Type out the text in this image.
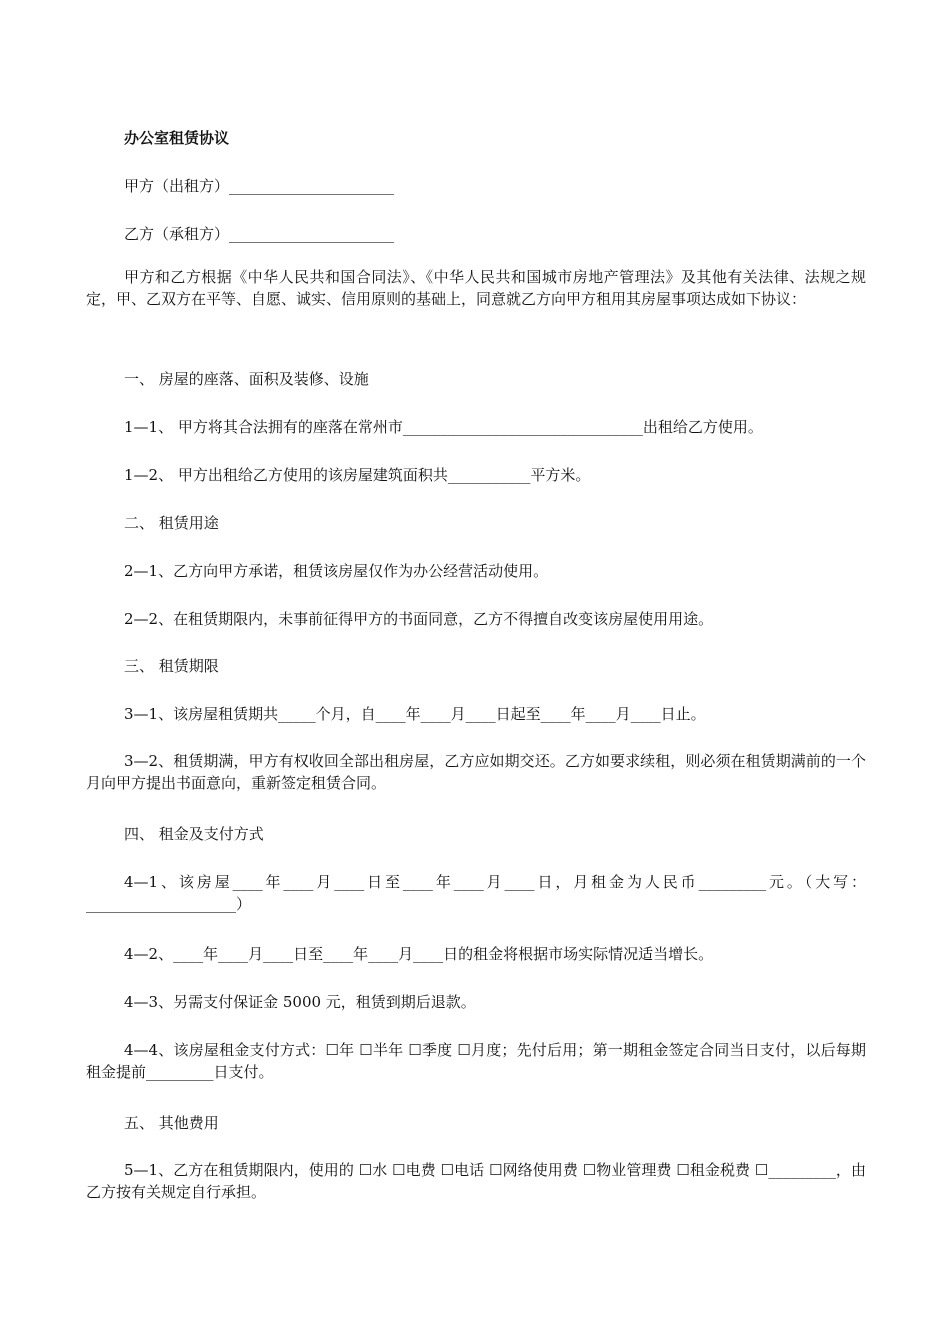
办公室租赁协议
甲方（出租方）______________________
乙方（承租方）______________________
甲方和乙方根据《中华人民共和国合同法》、《中华人民共和国城市房地产管理法》及其他有关法律、法规之规定，甲、乙双方在平等、自愿、诚实、信用原则的基础上，同意就乙方向甲方租用其房屋事项达成如下协议：
一、 房屋的座落、面积及装修、设施
1—1、 甲方将其合法拥有的座落在常州市________________________________出租给乙方使用。
1—2、 甲方出租给乙方使用的该房屋建筑面积共___________平方米。
二、 租赁用途
2—1、乙方向甲方承诺，租赁该房屋仅作为办公经营活动使用。
2—2、在租赁期限内，未事前征得甲方的书面同意，乙方不得擅自改变该房屋使用用途。
三、 租赁期限
3—1、该房屋租赁期共_____个月，自____年____月____日起至____年____月____日止。
3—2、租赁期满，甲方有权收回全部出租房屋，乙方应如期交还。乙方如要求续租，则必须在租赁期满前的一个月向甲方提出书面意向，重新签定租赁合同。
四、 租金及支付方式
4—1、该房屋____年____月____日至____年____月____日，月租金为人民币_________元。（大写：____________________）
4—2、____年____月____日至____年____月____日的租金将根据市场实际情况适当增长。
4—3、另需支付保证金 5000 元，租赁到期后退款。
4—4、该房屋租金支付方式：☐年 ☐半年 ☐季度 ☐月度；先付后用；第一期租金签定合同当日支付，以后每期租金提前_________日支付。
五、 其他费用
5—1、乙方在租赁期限内，使用的 ☐水 ☐电费 ☐电话 ☐网络使用费 ☐物业管理费 ☐租金税费 ☐_________，由乙方按有关规定自行承担。
